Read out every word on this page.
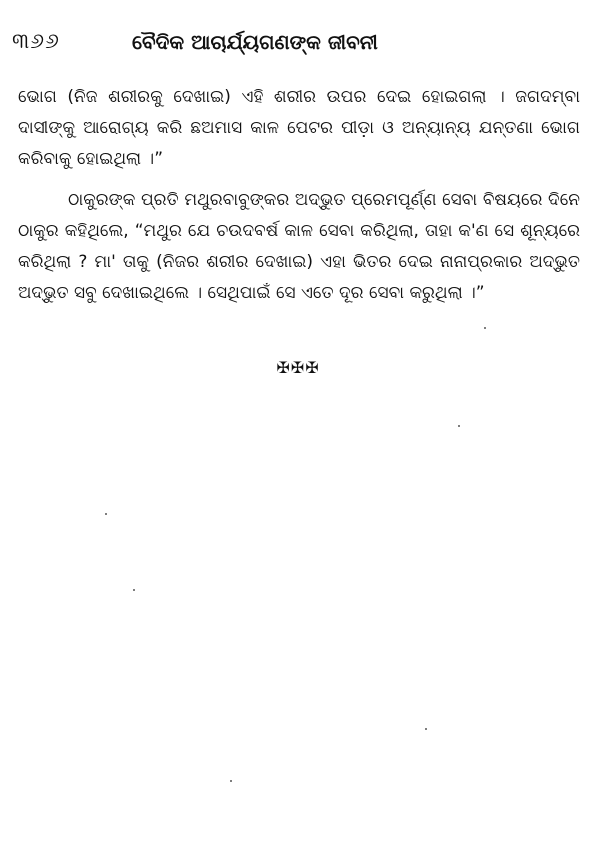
୩୬୬	ବୈଦିକ ଆଚାର୍ଯ୍ୟଗଣଙ୍କ ଜୀବନୀ

ଭୋଗ (ନିଜ ଶରୀରକୁ ଦେଖାଇ) ଏହି ଶରୀର ଉପର ଦେଇ ହୋଇଗଲା । ଜଗଦମ୍ବା ଦାସୀଙ୍କୁ ଆରୋଗ୍ୟ କରି ଛଅମାସ କାଳ ପେଟର ପୀଡ଼ା ଓ ଅନ୍ୟାନ୍ୟ ଯନ୍ତଣା ଭୋଗ କରିବାକୁ ହୋଇଥିଲା ।”

ଠାକୁରଙ୍କ ପ୍ରତି ମଥୁରବାବୁଙ୍କର ଅଦ୍ଭୁତ ପ୍ରେମପୂର୍ଣ୍ଣ ସେବା ବିଷୟରେ ଦିନେ ଠାକୁର କହିଥିଲେ, “ମଥୁର ଯେ ଚଉଦବର୍ଷ କାଳ ସେବା କରିଥିଲା, ତାହା କ'ଣ ସେ ଶୂନ୍ୟରେ କରିଥିଲା ? ମା' ତାକୁ (ନିଜର ଶରୀର ଦେଖାଇ) ଏହା ଭିତର ଦେଇ ନାନାପ୍ରକାର ଅଦ୍ଭୁତ ଅଦ୍ଭୁତ ସବୁ ଦେଖାଇଥିଲେ । ସେଥିପାଇଁ ସେ ଏତେ ଦୂର ସେବା କରୁଥିଲା ।”

✠✠✠
